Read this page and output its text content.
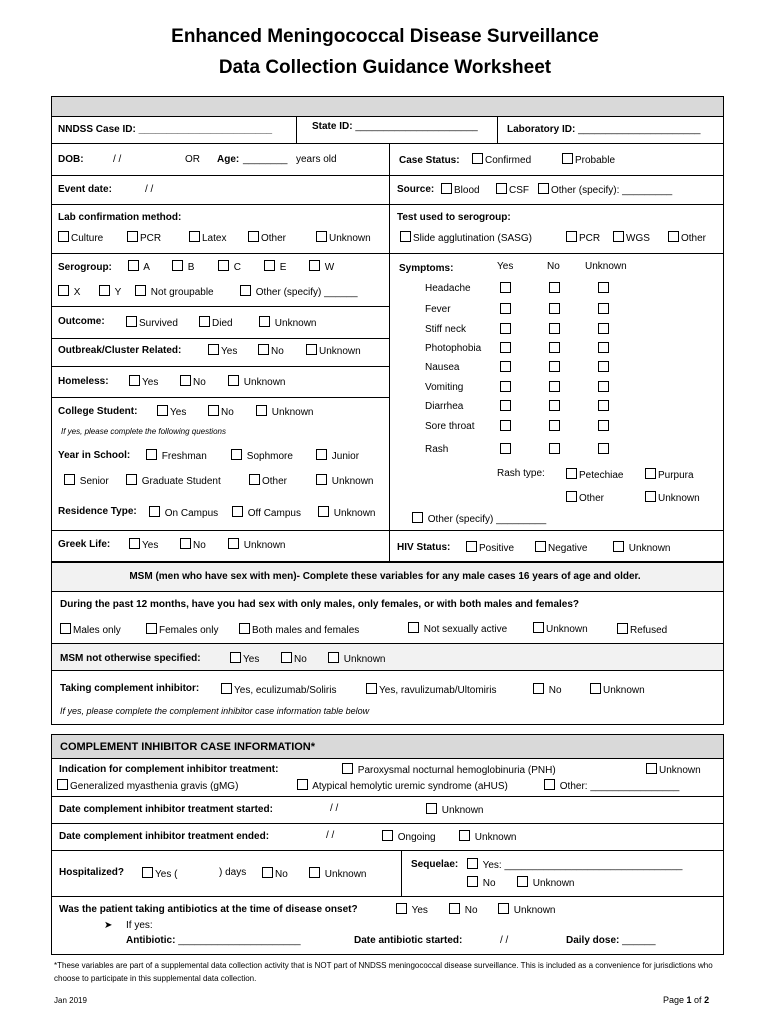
Enhanced Meningococcal Disease Surveillance
Data Collection Guidance Worksheet
NNDSS Case ID: ________________________	State ID: ______________________	Laboratory ID: ______________________
DOB:	/ /	OR Age: ________ years old	Case Status:	Confirmed	Probable
Event date:	/ /	Source:	Blood	CSF	Other (specify): _________
Lab confirmation method:
Culture	PCR	Latex	Other	Unknown
Test used to serogroup:
Slide agglutination (SASG)	PCR	WGS	Other
Serogroup:	A	B	C	E	W
X	Y	Not groupable	Other (specify) ______
Outcome:	Survived	Died	Unknown
Outbreak/Cluster Related:	Yes	No	Unknown
Homeless:	Yes	No	Unknown
College Student:	Yes	No	Unknown
If yes, please complete the following questions
Year in School:	Freshman	Sophmore	Junior
Senior	Graduate Student	Other	Unknown
Residence Type:	On Campus	Off Campus	Unknown
Greek Life:	Yes	No	Unknown
Symptoms:	Yes	No	Unknown
Headache
Fever
Stiff neck
Photophobia
Nausea
Vomiting
Diarrhea
Sore throat
Rash
Rash type:	Petechiae	Purpura
Other	Unknown
Other (specify) _________
HIV Status:	Positive	Negative	Unknown
MSM (men who have sex with men)- Complete these variables for any male cases 16 years of age and older.
During the past 12 months, have you had sex with only males, only females, or with both males and females?
Males only	Females only	Both males and females	Not sexually active	Unknown	Refused
MSM not otherwise specified:	Yes	No	Unknown
Taking complement inhibitor:	Yes, eculizumab/Soliris	Yes, ravulizumab/Ultomiris	No	Unknown
If yes, please complete the complement inhibitor case information table below
COMPLEMENT INHIBITOR CASE INFORMATION*
Indication for complement inhibitor treatment:	Paroxysmal nocturnal hemoglobinuria (PNH)	Unknown
Generalized myasthenia gravis (gMG)	Atypical hemolytic uremic syndrome (aHUS)	Other: ________________
Date complement inhibitor treatment started:	/ /	Unknown
Date complement inhibitor treatment ended:	/ /	Ongoing	Unknown
Hospitalized?	Yes (	) days	No	Unknown
Sequelae:	Yes: ________________________________
No	Unknown
Was the patient taking antibiotics at the time of disease onset?	Yes	No	Unknown
➤ If yes:
Antibiotic: ______________________	Date antibiotic started:	/ /	Daily dose: ______
*These variables are part of a supplemental data collection activity that is NOT part of NNDSS meningococcal disease surveillance. This is included as a convenience for jurisdictions who choose to participate in this supplemental data collection.
Jan 2019	Page 1 of 2
